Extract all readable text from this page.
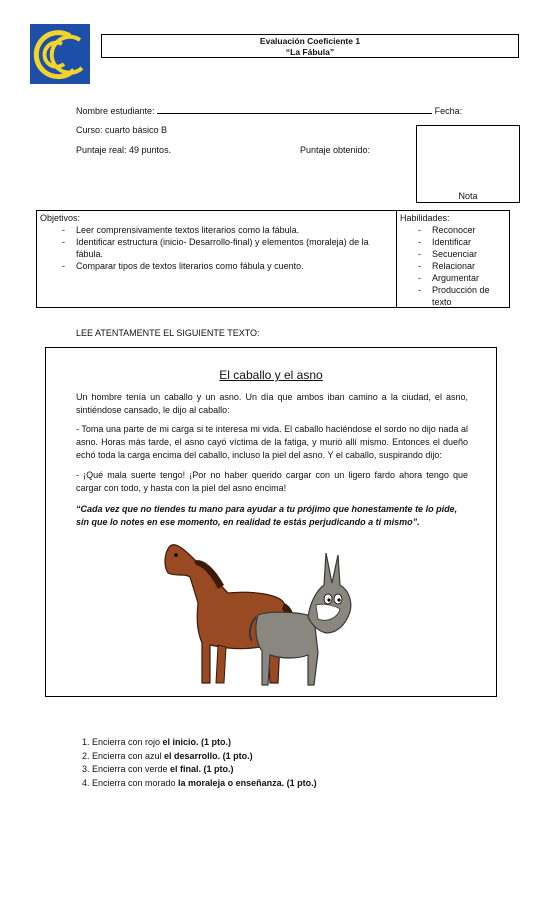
Evaluación Coeficiente 1
“La Fábula”
Nombre estudiante:	Fecha:
Curso: cuarto básico B
Puntaje real: 49 puntos.	Puntaje obtenido:
Nota
Objetivos:
- Leer comprensivamente textos literarios como la fábula.
- Identificar estructura (inicio- Desarrollo-final) y elementos (moraleja) de la fábula.
- Comparar tipos de textos literarios como fábula y cuento.
Habilidades:
- Reconocer
- Identificar
- Secuenciar
- Relacionar
- Argumentar
- Producción de texto
LEE ATENTAMENTE EL SIGUIENTE TEXTO:
El caballo y el asno
Un hombre tenía un caballo y un asno. Un día que ambos iban camino a la ciudad, el asno, sintiéndose cansado, le dijo al caballo:
- Toma una parte de mi carga si te interesa mi vida. El caballo haciéndose el sordo no dijo nada al asno. Horas más tarde, el asno cayó víctima de la fatiga, y murió allí mismo. Entonces el dueño echó toda la carga encima del caballo, incluso la piel del asno. Y el caballo, suspirando dijo:
- ¡Qué mala suerte tengo! ¡Por no haber querido cargar con un ligero fardo ahora tengo que cargar con todo, y hasta con la piel del asno encima!
“Cada vez que no tiendes tu mano para ayudar a tu prójimo que honestamente te lo pide, sin que lo notes en ese momento, en realidad te estás perjudicando a ti mismo”.
1. Encierra con rojo el inicio. (1 pto.)
2. Encierra con azul el desarrollo. (1 pto.)
3. Encierra con verde el final. (1 pto.)
4. Encierra con morado la moraleja o enseñanza. (1 pto.)
